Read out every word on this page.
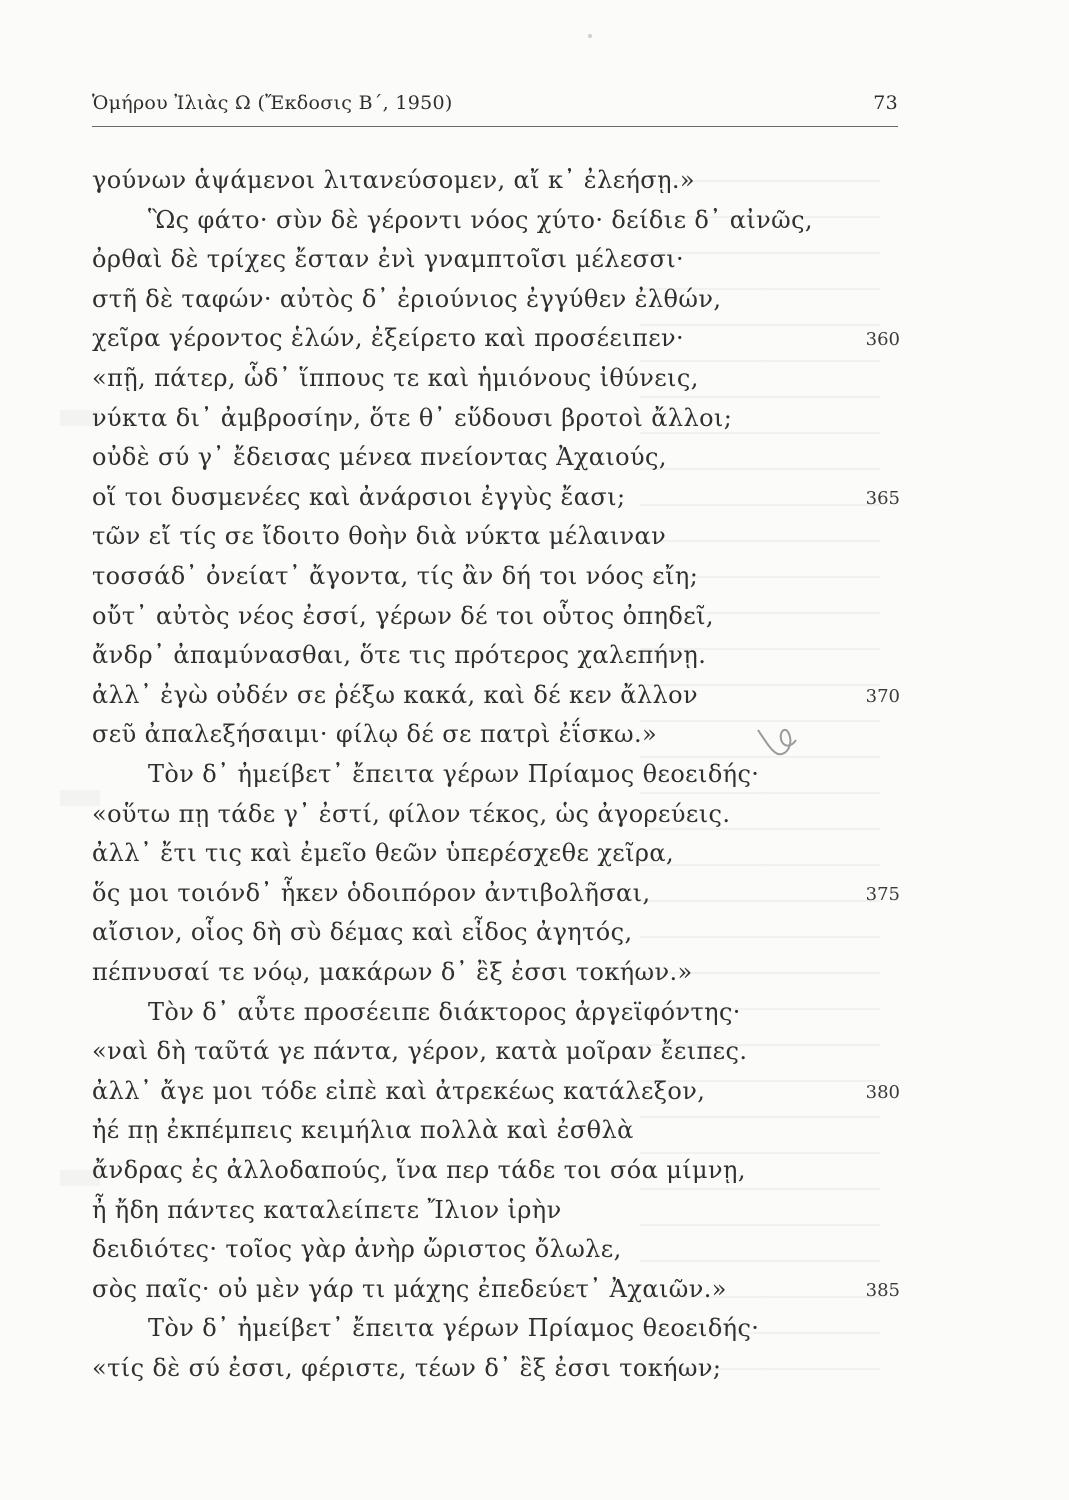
Ὁμήρου Ἰλιὰς Ω (Ἔκδοσις Β΄, 1950)	73
γούνων ἁψάμενοι λιτανεύσομεν, αἴ κ᾽ ἐλεήσῃ.»
Ὣς φάτο· σὺν δὲ γέροντι νόος χύτο· δείδιε δ᾽ αἰνῶς,
ὀρθαὶ δὲ τρίχες ἔσταν ἐνὶ γναμπτοῖσι μέλεσσι·
στῆ δὲ ταφών· αὐτὸς δ᾽ ἐριούνιος ἐγγύθεν ἐλθών,
χεῖρα γέροντος ἑλών, ἐξείρετο καὶ προσέειπεν·	360
«πῇ, πάτερ, ὧδ᾽ ἵππους τε καὶ ἡμιόνους ἰθύνεις,
νύκτα δι᾽ ἀμβροσίην, ὅτε θ᾽ εὕδουσι βροτοὶ ἄλλοι;
οὐδὲ σύ γ᾽ ἔδεισας μένεα πνείοντας Ἀχαιούς,
οἵ τοι δυσμενέες καὶ ἀνάρσιοι ἐγγὺς ἔασι;	365
τῶν εἴ τίς σε ἴδοιτο θοὴν διὰ νύκτα μέλαιναν
τοσσάδ᾽ ὀνείατ᾽ ἄγοντα, τίς ἂν δή τοι νόος εἴη;
οὔτ᾽ αὐτὸς νέος ἐσσί, γέρων δέ τοι οὗτος ὀπηδεῖ,
ἄνδρ᾽ ἀπαμύνασθαι, ὅτε τις πρότερος χαλεπήνῃ.
ἀλλ᾽ ἐγὼ οὐδέν σε ῥέξω κακά, καὶ δέ κεν ἄλλον	370
σεῦ ἀπαλεξήσαιμι· φίλῳ δέ σε πατρὶ ἐΐσκω.»
Τὸν δ᾽ ἠμείβετ᾽ ἔπειτα γέρων Πρίαμος θεοειδής·
«οὕτω πῃ τάδε γ᾽ ἐστί, φίλον τέκος, ὡς ἀγορεύεις.
ἀλλ᾽ ἔτι τις καὶ ἐμεῖο θεῶν ὑπερέσχεθε χεῖρα,
ὅς μοι τοιόνδ᾽ ἧκεν ὁδοιπόρον ἀντιβολῆσαι,	375
αἴσιον, οἷος δὴ σὺ δέμας καὶ εἶδος ἀγητός,
πέπνυσαί τε νόῳ, μακάρων δ᾽ ἒξ ἐσσι τοκήων.»
Τὸν δ᾽ αὖτε προσέειπε διάκτορος ἀργεϊφόντης·
«ναὶ δὴ ταῦτά γε πάντα, γέρον, κατὰ μοῖραν ἔειπες.
ἀλλ᾽ ἄγε μοι τόδε εἰπὲ καὶ ἀτρεκέως κατάλεξον,	380
ἠέ πῃ ἐκπέμπεις κειμήλια πολλὰ καὶ ἐσθλὰ
ἄνδρας ἐς ἀλλοδαπούς, ἵνα περ τάδε τοι σόα μίμνῃ,
ἦ ἤδη πάντες καταλείπετε Ἴλιον ἱρὴν
δειδιότες· τοῖος γὰρ ἀνὴρ ὤριστος ὄλωλε,
σὸς παῖς· οὐ μὲν γάρ τι μάχης ἐπεδεύετ᾽ Ἀχαιῶν.»	385
Τὸν δ᾽ ἠμείβετ᾽ ἔπειτα γέρων Πρίαμος θεοειδής·
«τίς δὲ σύ ἐσσι, φέριστε, τέων δ᾽ ἒξ ἐσσι τοκήων;
